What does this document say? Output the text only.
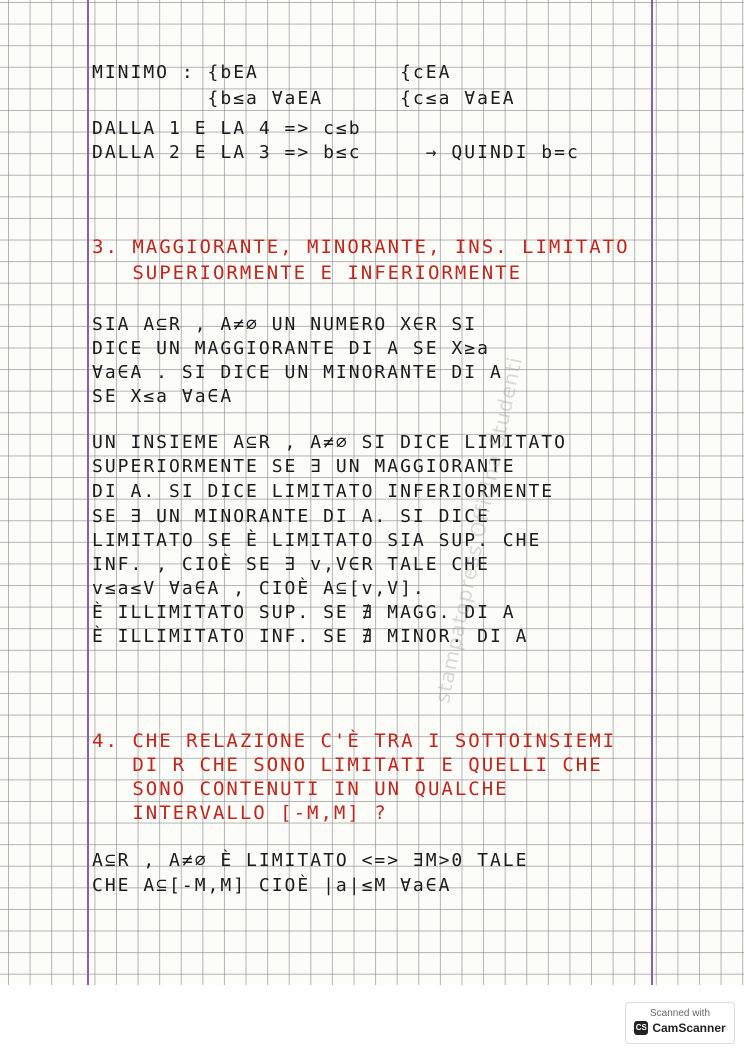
MINIMO : {bEA           {cEA
{b≤a ∀aEA      {c≤a ∀aEA
DALLA 1 E LA 4 => c≤b
DALLA 2 E LA 3 => b≤c     → QUINDI b=c
3. MAGGIORANTE, MINORANTE, INS. LIMITATO
SUPERIORMENTE E INFERIORMENTE
SIA A⊆R , A≠∅ UN NUMERO X∈R SI
DICE UN MAGGIORANTE DI A SE X≥a
∀a∈A . SI DICE UN MINORANTE DI A
SE X≤a ∀a∈A
UN INSIEME A⊆R , A≠∅ SI DICE LIMITATO
SUPERIORMENTE SE ∃ UN MAGGIORANTE
DI A. SI DICE LIMITATO INFERIORMENTE
SE ∃ UN MINORANTE DI A. SI DICE
LIMITATO SE È LIMITATO SIA SUP. CHE
INF. , CIOÈ SE ∃ v,V∈R TALE CHE
v≤a≤V ∀a∈A , CIOÈ A⊆[v,V].
È ILLIMITATO SUP. SE ∄ MAGG. DI A
È ILLIMITATO INF. SE ∄ MINOR. DI A
4. CHE RELAZIONE C'È TRA I SOTTOINSIEMI
DI R CHE SONO LIMITATI E QUELLI CHE
SONO CONTENUTI IN UN QUALCHE
INTERVALLO [-M,M] ?
A⊆R , A≠∅ È LIMITATO <=> ∃M>0 TALE
CHE A⊆[-M,M] CIOÈ |a|≤M ∀a∈A
stampatopress Officina Studenti
Scanned with
CS CamScanner
